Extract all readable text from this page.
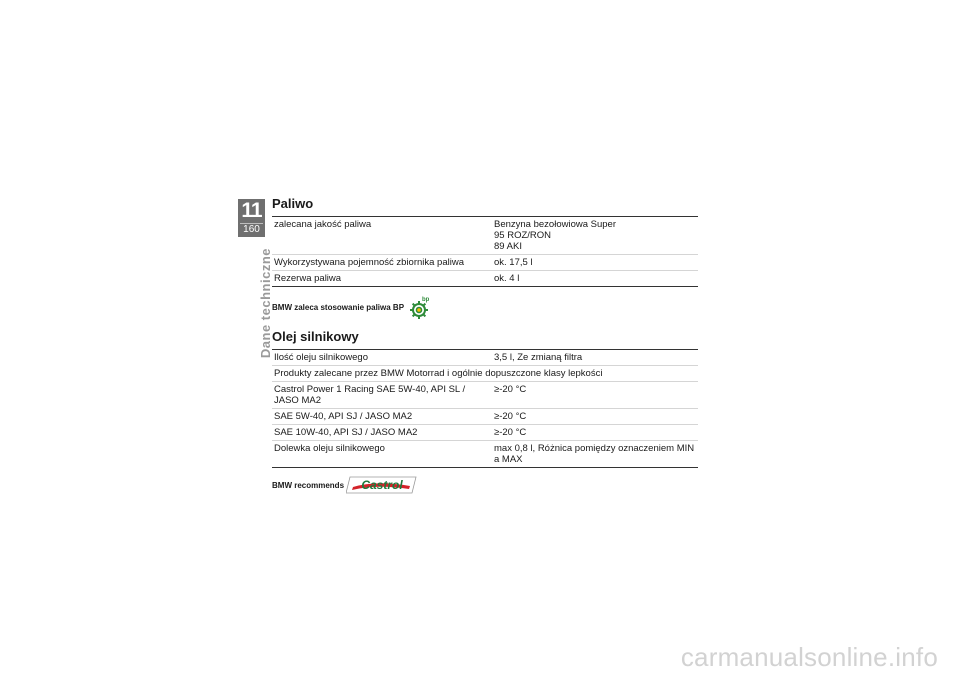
11
160
Dane techniczne
Paliwo
zalecana jakość paliwa	Benzyna bezołowiowa Super
95 ROZ/RON
89 AKI

Wykorzystywana pojemność zbiornika paliwa	ok. 17,5 l
Rezerwa paliwa	ok. 4 l
BMW zaleca stosowanie paliwa BP
bp
Olej silnikowy
Ilość oleju silnikowego	3,5 l, Ze zmianą filtra
Produkty zalecane przez BMW Motorrad i ogólnie dopuszczone klasy lepkości	

Castrol Power 1 Racing SAE 5W-40, API SL /
JASO MA2	≥-20 °C
SAE 5W-40, API SJ / JASO MA2	≥-20 °C
SAE 10W-40, API SJ / JASO MA2	≥-20 °C
Dolewka oleju silnikowego	max 0,8 l, Różnica pomiędzy oznaczeniem MIN
a MAX
BMW recommends Castrol
carmanualsonline.info
